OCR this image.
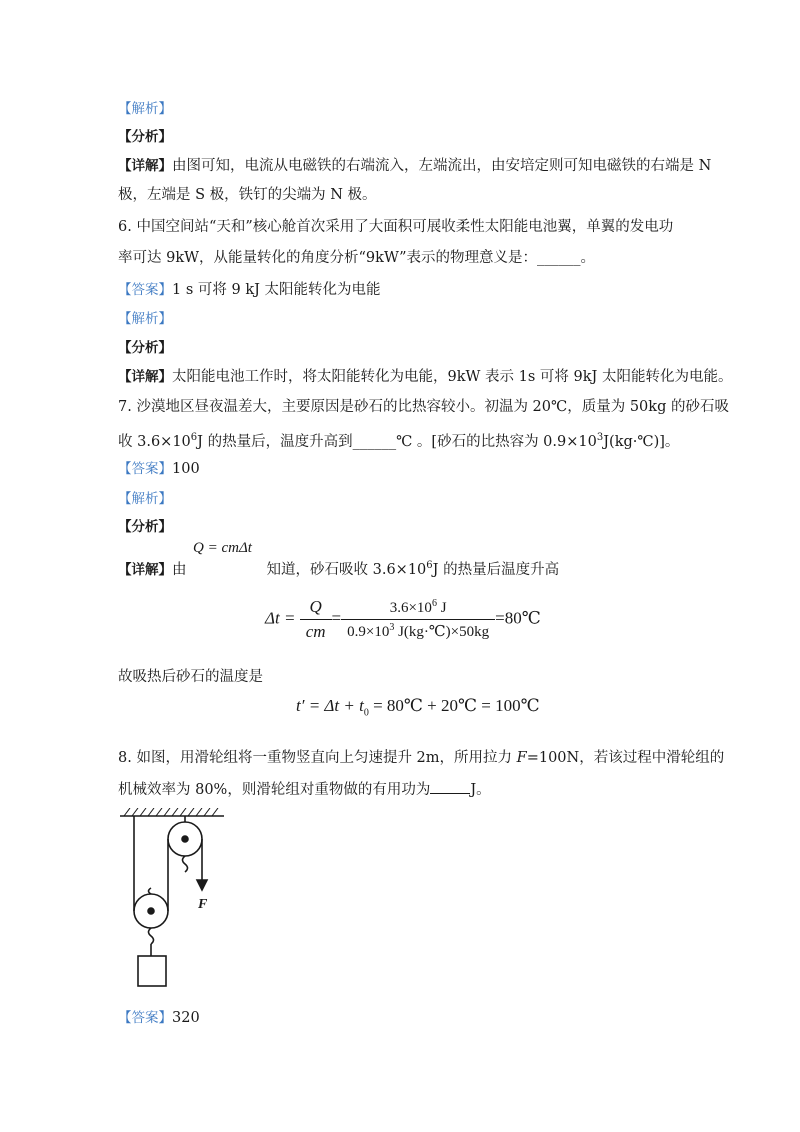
【解析】
【分析】
【详解】由图可知，电流从电磁铁的右端流入，左端流出，由安培定则可知电磁铁的右端是 N
极，左端是 S 极，铁钉的尖端为 N 极。
6. 中国空间站“天和”核心舱首次采用了大面积可展收柔性太阳能电池翼，单翼的发电功
率可达 9kW，从能量转化的角度分析“9kW”表示的物理意义是：______。
【答案】1 s 可将 9 kJ 太阳能转化为电能
【解析】
【分析】
【详解】太阳能电池工作时，将太阳能转化为电能，9kW 表示 1s 可将 9kJ 太阳能转化为电能。
7. 沙漠地区昼夜温差大，主要原因是砂石的比热容较小。初温为 20℃，质量为 50kg 的砂石吸
收 $3.6\times 10^6J$ 的热量后，温度升高到______℃ 。[砂石的比热容为 $0.9\times 10^3J(kg\cdot℃)$]。
【答案】100
【解析】
【分析】
【详解】由	知道，砂石吸收 $3.6\times 10^6J$ 的热量后温度升高
Q = cmΔt
$\Delta t = \frac{Q}{cm} = \frac{3.6\times 10^6 J}{0.9\times 10^3 J(kg\cdot℃)\times 50kg}$ =80℃
故吸热后砂石的温度是
$t' = \Delta t + t_0$ = 80℃ + 20℃ = 100℃
8. 如图，用滑轮组将一重物竖直向上匀速提升 2m，所用拉力 F=100N，若该过程中滑轮组的
机械效率为 80%，则滑轮组对重物做的有用功为	J。
F
【答案】320
